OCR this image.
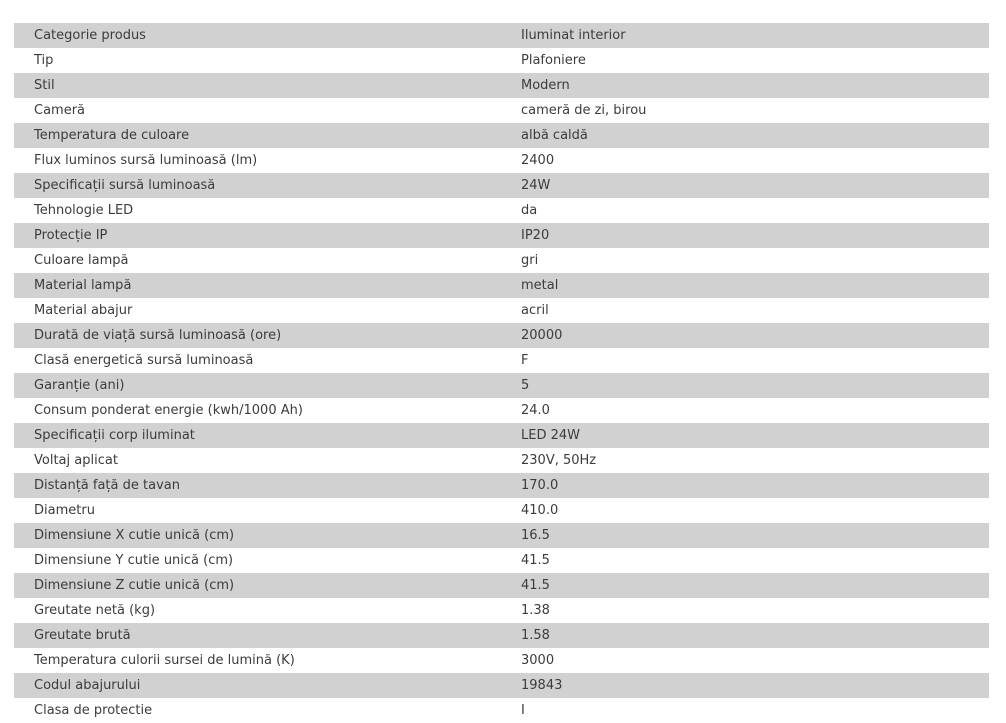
Categorie produs	Iluminat interior
Tip	Plafoniere
Stil	Modern
Cameră	cameră de zi, birou
Temperatura de culoare	albă caldă
Flux luminos sursă luminoasă (lm)	2400
Specificații sursă luminoasă	24W
Tehnologie LED	da
Protecție IP	IP20
Culoare lampă	gri
Material lampă	metal
Material abajur	acril
Durată de viață sursă luminoasă (ore)	20000
Clasă energetică sursă luminoasă	F
Garanție (ani)	5
Consum ponderat energie (kwh/1000 Ah)	24.0
Specificații corp iluminat	LED 24W
Voltaj aplicat	230V, 50Hz
Distanță față de tavan	170.0
Diametru	410.0
Dimensiune X cutie unică (cm)	16.5
Dimensiune Y cutie unică (cm)	41.5
Dimensiune Z cutie unică (cm)	41.5
Greutate netă (kg)	1.38
Greutate brută	1.58
Temperatura culorii sursei de lumină (K)	3000
Codul abajurului	19843
Clasa de protectie	I
